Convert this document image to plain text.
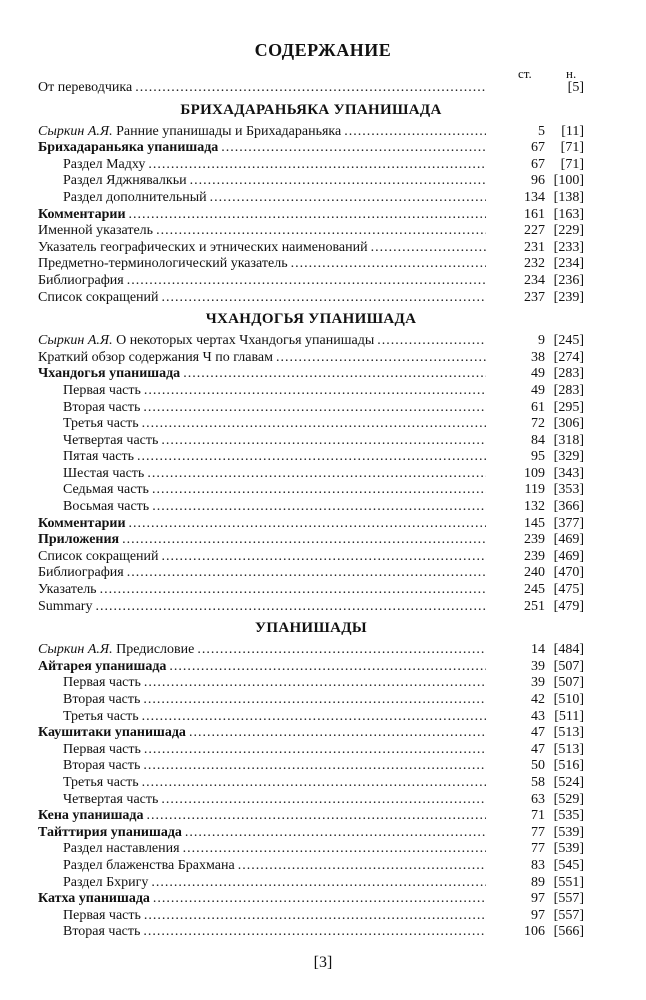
СОДЕРЖАНИЕ
ст.	н.
От переводчика .....	[5]
БРИХАДАРАНЬЯКА УПАНИШАДА
Сыркин А.Я. Ранние упанишады и Брихадараньяка .....	5	[11]
Брихадараньяка упанишада .....	67	[71]
Раздел Мадху .....	67	[71]
Раздел Яджнявалкьи .....	96 [100]
Раздел дополнительный .....	134 [138]
Комментарии .....	161 [163]
Именной указатель .....	227 [229]
Указатель географических и этнических наименований .....	231 [233]
Предметно-терминологический указатель .....	232 [234]
Библиография .....	234 [236]
Список сокращений .....	237 [239]
ЧХАНДОГЬЯ УПАНИШАДА
Сыркин А.Я. О некоторых чертах Чхандогья упанишады .....	9 [245]
Краткий обзор содержания Ч по главам .....	38 [274]
Чхандогья упанишада .....	49 [283]
Первая часть .....	49 [283]
Вторая часть .....	61 [295]
Третья часть .....	72 [306]
Четвертая часть .....	84 [318]
Пятая часть .....	95 [329]
Шестая часть .....	109 [343]
Седьмая часть .....	119 [353]
Восьмая часть .....	132 [366]
Комментарии .....	145 [377]
Приложения .....	239 [469]
Список сокращений .....	239 [469]
Библиография .....	240 [470]
Указатель .....	245 [475]
Summary .....	251 [479]
УПАНИШАДЫ
Сыркин А.Я. Предисловие .....	14 [484]
Айтарея упанишада .....	39 [507]
Первая часть .....	39 [507]
Вторая часть .....	42 [510]
Третья часть .....	43 [511]
Каушитаки упанишада .....	47 [513]
Первая часть .....	47 [513]
Вторая часть .....	50 [516]
Третья часть .....	58 [524]
Четвертая часть .....	63 [529]
Кена упанишада .....	71 [535]
Тайттирия упанишада .....	77 [539]
Раздел наставления .....	77 [539]
Раздел блаженства Брахмана .....	83 [545]
Раздел Бхригу .....	89 [551]
Катха упанишада .....	97 [557]
Первая часть .....	97 [557]
Вторая часть .....	106 [566]
[3]
